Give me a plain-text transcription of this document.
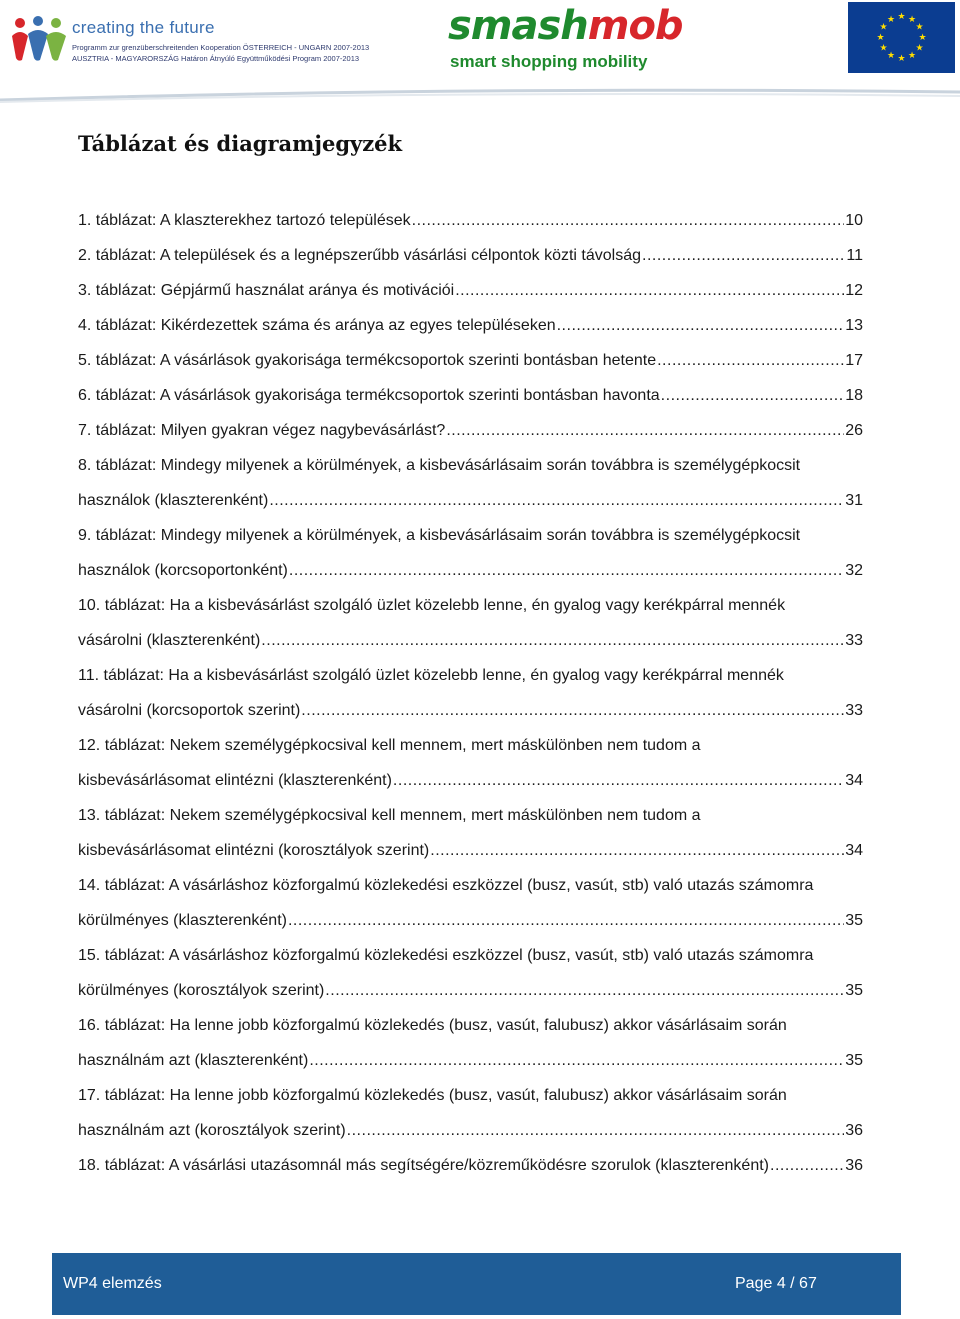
creating the future
Programm zur grenzüberschreitenden Kooperation ÖSTERREICH - UNGARN 2007-2013
AUSZTRIA - MAGYARORSZÁG Határon Átnyúló Együttműködési Program 2007-2013
smashmob
smart shopping mobility
★ ★
★
★
★
★
★
★
★
★
★
★
Táblázat és diagramjegyzék
1. táblázat: A klaszterekhez tartozó települések .....	10
2. táblázat: A települések és a legnépszerűbb vásárlási célpontok közti távolság .....	11
3. táblázat: Gépjármű használat aránya és motivációi .....	12
4. táblázat: Kikérdezettek száma és aránya az egyes településeken .....	13
5. táblázat: A vásárlások gyakorisága termékcsoportok szerinti bontásban hetente .....	17
6. táblázat: A vásárlások gyakorisága termékcsoportok szerinti bontásban havonta .....	18
7. táblázat: Milyen gyakran végez nagybevásárlást? .....	26
8. táblázat: Mindegy milyenek a körülmények, a kisbevásárlásaim során továbbra is személygépkocsit
használok (klaszterenként) .....	31
9. táblázat: Mindegy milyenek a körülmények, a kisbevásárlásaim során továbbra is személygépkocsit
használok (korcsoportonként) .....	32
10. táblázat: Ha a kisbevásárlást szolgáló üzlet közelebb lenne, én gyalog vagy kerékpárral mennék
vásárolni (klaszterenként) .....	33
11. táblázat: Ha a kisbevásárlást szolgáló üzlet közelebb lenne, én gyalog vagy kerékpárral mennék
vásárolni (korcsoportok szerint) .....	33
12. táblázat: Nekem személygépkocsival kell mennem, mert máskülönben nem tudom a
kisbevásárlásomat elintézni (klaszterenként) .....	34
13. táblázat: Nekem személygépkocsival kell mennem, mert máskülönben nem tudom a
kisbevásárlásomat elintézni (korosztályok szerint) .....	34
14. táblázat: A vásárláshoz közforgalmú közlekedési eszközzel (busz, vasút, stb) való utazás számomra
körülményes (klaszterenként) .....	35
15. táblázat: A vásárláshoz közforgalmú közlekedési eszközzel (busz, vasút, stb) való utazás számomra
körülményes (korosztályok szerint) .....	35
16. táblázat: Ha lenne jobb közforgalmú közlekedés (busz, vasút, falubusz) akkor vásárlásaim során
használnám azt (klaszterenként) .....	35
17. táblázat: Ha lenne jobb közforgalmú közlekedés (busz, vasút, falubusz) akkor vásárlásaim során
használnám azt (korosztályok szerint) .....	36
18. táblázat: A vásárlási utazásomnál más segítségére/közreműködésre szorulok (klaszterenként) .....	36
WP4 elemzés	Page 4 / 67
